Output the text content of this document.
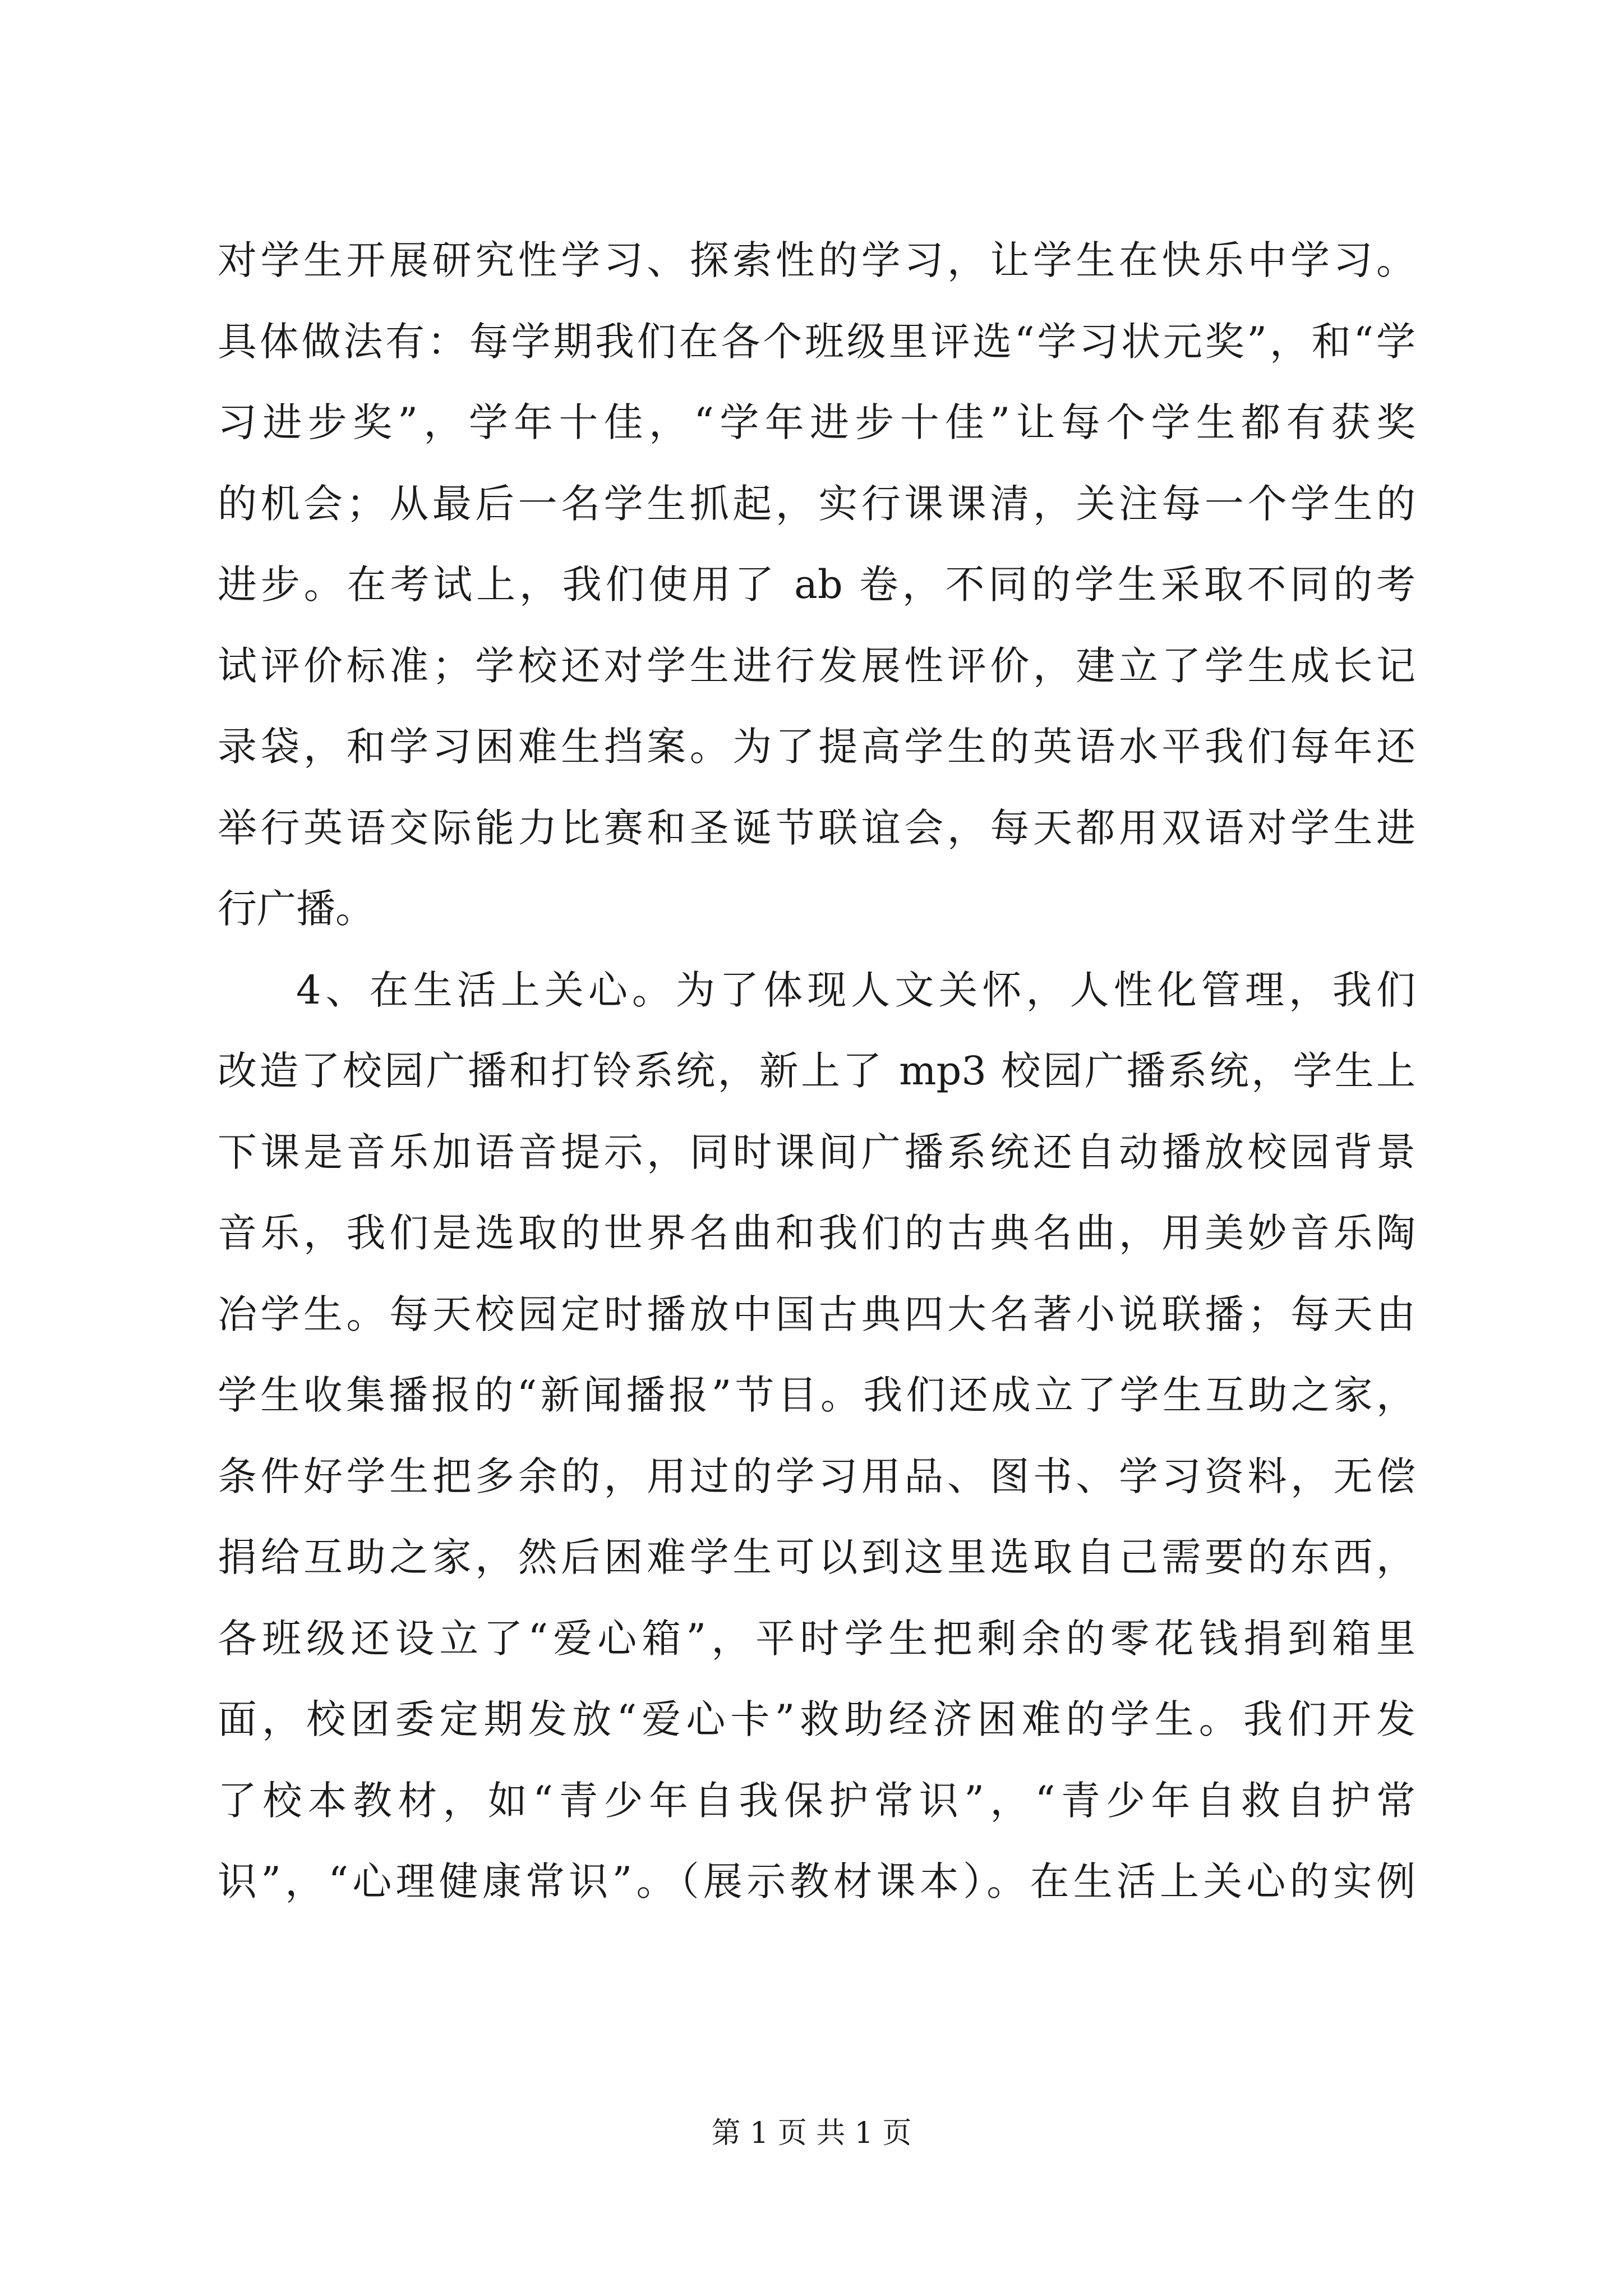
对学生开展研究性学习、探索性的学习，让学生在快乐中学习。
具体做法有：每学期我们在各个班级里评选“学习状元奖”，和“学
习进步奖”，学年十佳，“学年进步十佳”让每个学生都有获奖
的机会；从最后一名学生抓起，实行课课清，关注每一个学生的
进步。在考试上，我们使用了 ab 卷，不同的学生采取不同的考
试评价标准；学校还对学生进行发展性评价，建立了学生成长记
录袋，和学习困难生挡案。为了提高学生的英语水平我们每年还
举行英语交际能力比赛和圣诞节联谊会，每天都用双语对学生进
行广播。
4、在生活上关心。为了体现人文关怀，人性化管理，我们
改造了校园广播和打铃系统，新上了 mp3 校园广播系统，学生上
下课是音乐加语音提示，同时课间广播系统还自动播放校园背景
音乐，我们是选取的世界名曲和我们的古典名曲，用美妙音乐陶
冶学生。每天校园定时播放中国古典四大名著小说联播；每天由
学生收集播报的“新闻播报”节目。我们还成立了学生互助之家，
条件好学生把多余的，用过的学习用品、图书、学习资料，无偿
捐给互助之家，然后困难学生可以到这里选取自己需要的东西，
各班级还设立了“爱心箱”，平时学生把剩余的零花钱捐到箱里
面，校团委定期发放“爱心卡”救助经济困难的学生。我们开发
了校本教材，如“青少年自我保护常识”，“青少年自救自护常
识”，“心理健康常识”。（展示教材课本）。在生活上关心的实例
第 1 页 共 1 页
